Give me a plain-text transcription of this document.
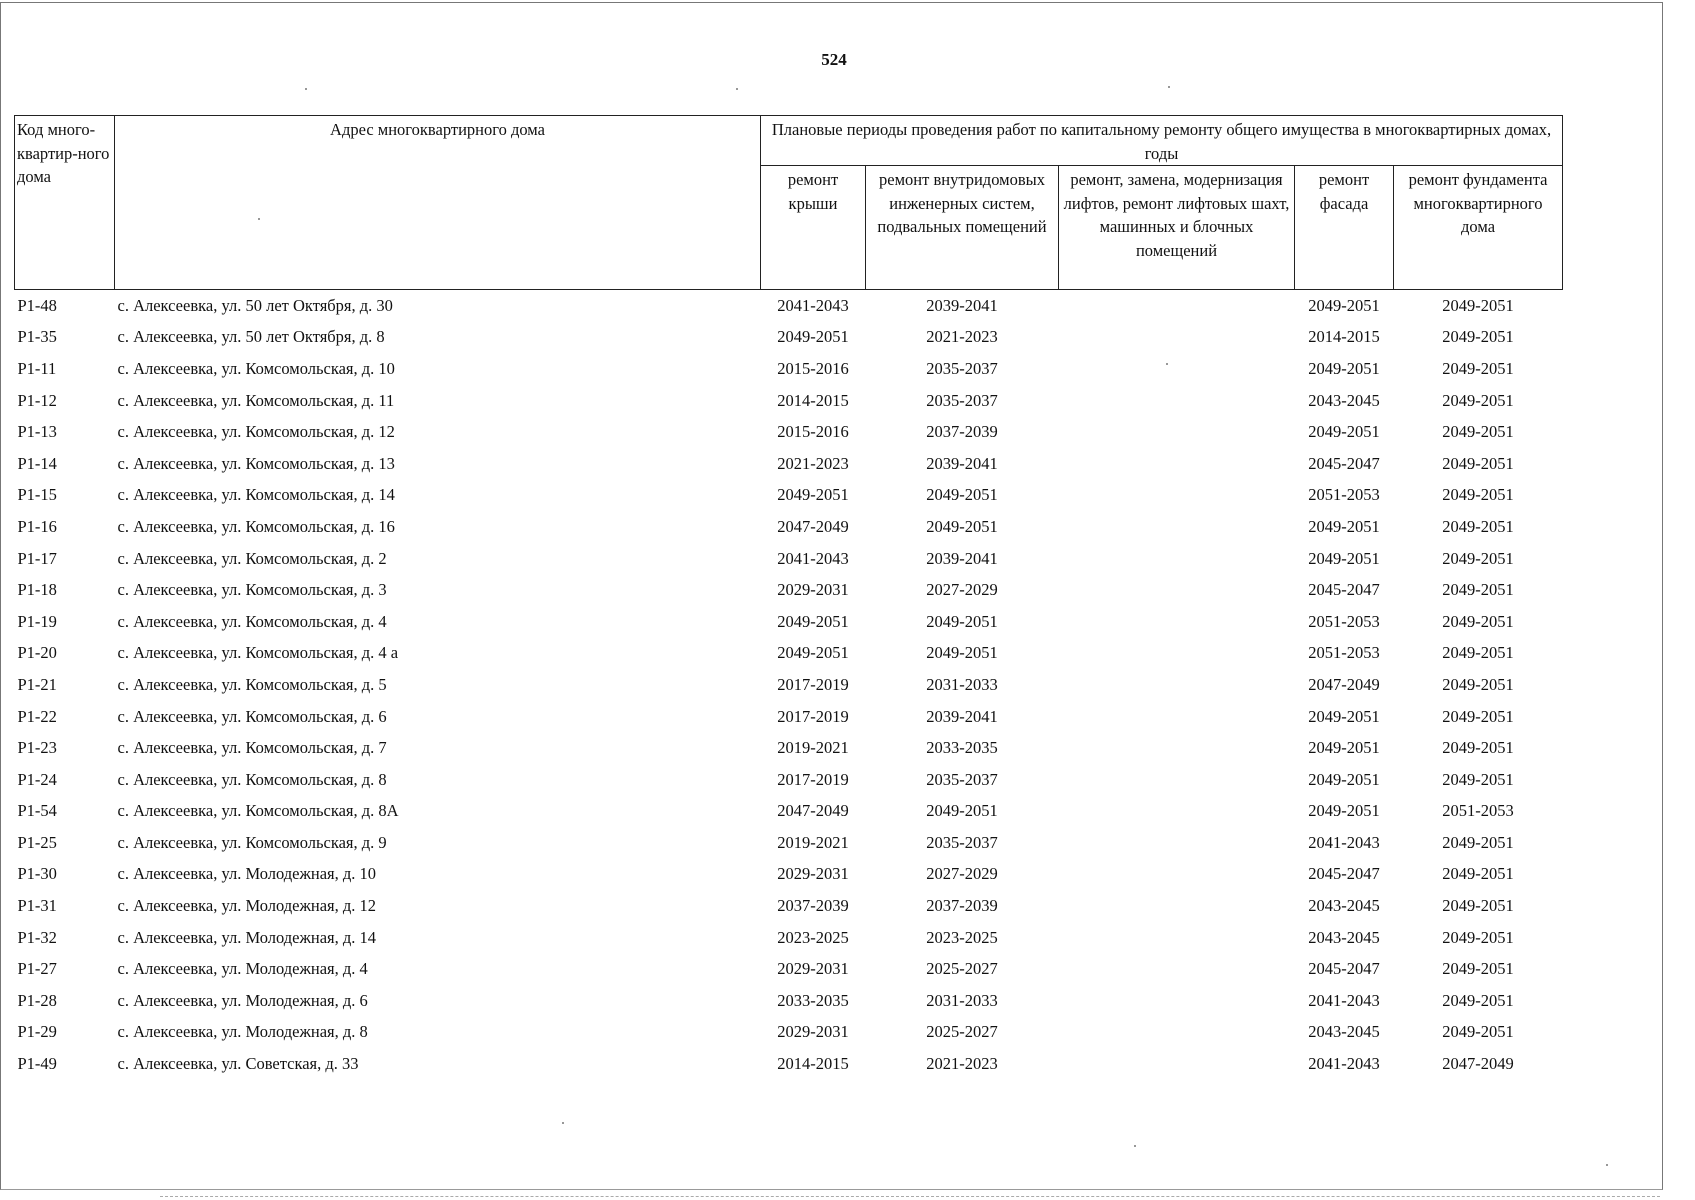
524
Код много-квартир-ного дома	Адрес многоквартирного дома	Плановые периоды проведения работ по капитальному ремонту общего имущества в многоквартирных домах, годы				
		ремонт крыши	ремонт внутридомовых инженерных систем, подвальных помещений	ремонт, замена, модернизация лифтов, ремонт лифтовых шахт, машинных и блочных помещений	ремонт фасада	ремонт фундамента многоквартирного дома
Р1-48	с. Алексеевка, ул. 50 лет Октября, д. 30	2041-2043	2039-2041		2049-2051	2049-2051
Р1-35	с. Алексеевка, ул. 50 лет Октября, д. 8	2049-2051	2021-2023		2014-2015	2049-2051
Р1-11	с. Алексеевка, ул. Комсомольская, д. 10	2015-2016	2035-2037		2049-2051	2049-2051
Р1-12	с. Алексеевка, ул. Комсомольская, д. 11	2014-2015	2035-2037		2043-2045	2049-2051
Р1-13	с. Алексеевка, ул. Комсомольская, д. 12	2015-2016	2037-2039		2049-2051	2049-2051
Р1-14	с. Алексеевка, ул. Комсомольская, д. 13	2021-2023	2039-2041		2045-2047	2049-2051
Р1-15	с. Алексеевка, ул. Комсомольская, д. 14	2049-2051	2049-2051		2051-2053	2049-2051
Р1-16	с. Алексеевка, ул. Комсомольская, д. 16	2047-2049	2049-2051		2049-2051	2049-2051
Р1-17	с. Алексеевка, ул. Комсомольская, д. 2	2041-2043	2039-2041		2049-2051	2049-2051
Р1-18	с. Алексеевка, ул. Комсомольская, д. 3	2029-2031	2027-2029		2045-2047	2049-2051
Р1-19	с. Алексеевка, ул. Комсомольская, д. 4	2049-2051	2049-2051		2051-2053	2049-2051
Р1-20	с. Алексеевка, ул. Комсомольская, д. 4 а	2049-2051	2049-2051		2051-2053	2049-2051
Р1-21	с. Алексеевка, ул. Комсомольская, д. 5	2017-2019	2031-2033		2047-2049	2049-2051
Р1-22	с. Алексеевка, ул. Комсомольская, д. 6	2017-2019	2039-2041		2049-2051	2049-2051
Р1-23	с. Алексеевка, ул. Комсомольская, д. 7	2019-2021	2033-2035		2049-2051	2049-2051
Р1-24	с. Алексеевка, ул. Комсомольская, д. 8	2017-2019	2035-2037		2049-2051	2049-2051
Р1-54	с. Алексеевка, ул. Комсомольская, д. 8А	2047-2049	2049-2051		2049-2051	2051-2053
Р1-25	с. Алексеевка, ул. Комсомольская, д. 9	2019-2021	2035-2037		2041-2043	2049-2051
Р1-30	с. Алексеевка, ул. Молодежная, д. 10	2029-2031	2027-2029		2045-2047	2049-2051
Р1-31	с. Алексеевка, ул. Молодежная, д. 12	2037-2039	2037-2039		2043-2045	2049-2051
Р1-32	с. Алексеевка, ул. Молодежная, д. 14	2023-2025	2023-2025		2043-2045	2049-2051
Р1-27	с. Алексеевка, ул. Молодежная, д. 4	2029-2031	2025-2027		2045-2047	2049-2051
Р1-28	с. Алексеевка, ул. Молодежная, д. 6	2033-2035	2031-2033		2041-2043	2049-2051
Р1-29	с. Алексеевка, ул. Молодежная, д. 8	2029-2031	2025-2027		2043-2045	2049-2051
Р1-49	с. Алексеевка, ул. Советская, д. 33	2014-2015	2021-2023		2041-2043	2047-2049
